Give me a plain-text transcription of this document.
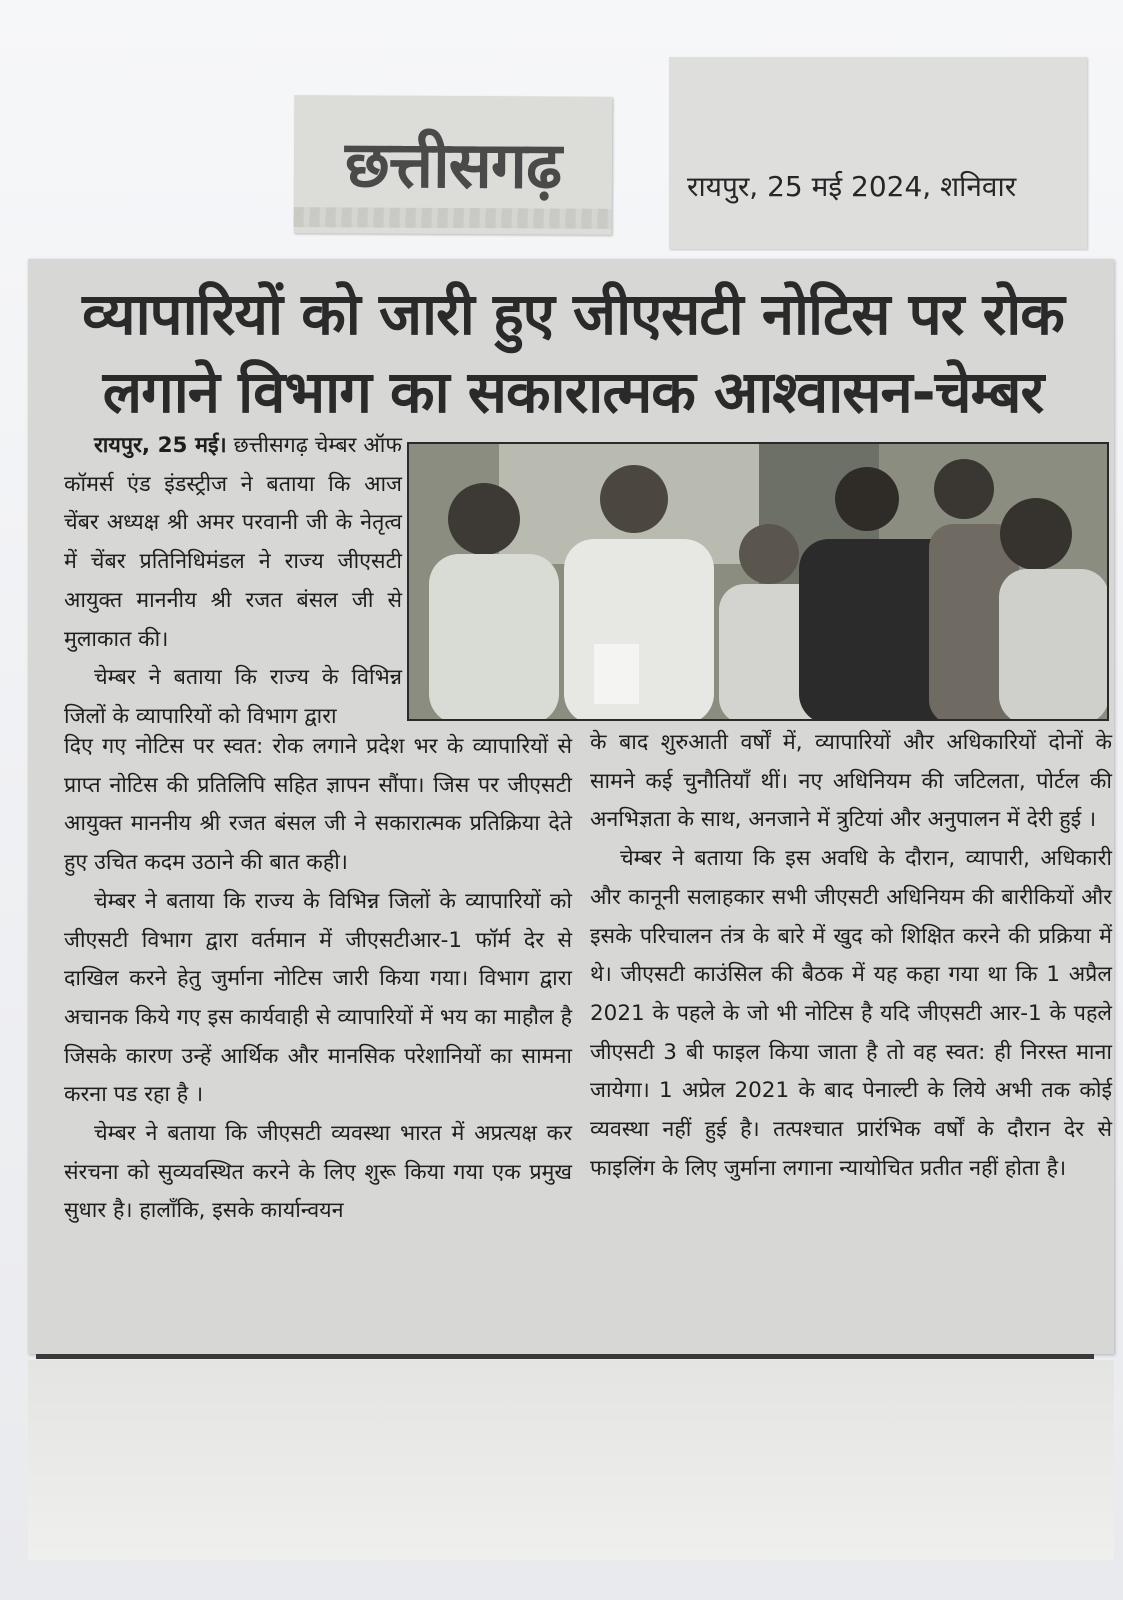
छत्तीसगढ़	रायपुर, 25 मई 2024, शनिवार
व्यापारियों को जारी हुए जीएसटी नोटिस पर रोक
लगाने विभाग का सकारात्मक आश्वासन-चेम्बर

रायपुर, 25 मई। छत्तीसगढ़ चेम्बर ऑफ कॉमर्स एंड इंडस्ट्रीज ने बताया कि आज चेंबर अध्यक्ष श्री अमर परवानी जी के नेतृत्व में चेंबर प्रतिनिधिमंडल ने राज्य जीएसटी आयुक्त माननीय श्री रजत बंसल जी से मुलाकात की।

चेम्बर ने बताया कि राज्य के विभिन्न जिलों के व्यापारियों को विभाग द्वारा

दिए गए नोटिस पर स्वत: रोक लगाने प्रदेश भर के व्यापारियों से प्राप्त नोटिस की प्रतिलिपि सहित ज्ञापन सौंपा। जिस पर जीएसटी आयुक्त माननीय श्री रजत बंसल जी ने सकारात्मक प्रतिक्रिया देते हुए उचित कदम उठाने की बात कही।

चेम्बर ने बताया कि राज्य के विभिन्न जिलों के व्यापारियों को जीएसटी विभाग द्वारा वर्तमान में जीएसटीआर-1 फॉर्म देर से दाखिल करने हेतु जुर्माना नोटिस जारी किया गया। विभाग द्वारा अचानक किये गए इस कार्यवाही से व्यापारियों में भय का माहौल है जिसके कारण उन्हें आर्थिक और मानसिक परेशानियों का सामना करना पड रहा है ।

चेम्बर ने बताया कि जीएसटी व्यवस्था भारत में अप्रत्यक्ष कर संरचना को सुव्यवस्थित करने के लिए शुरू किया गया एक प्रमुख सुधार है। हालाँकि, इसके कार्यान्वयन

के बाद शुरुआती वर्षों में, व्यापारियों और अधिकारियों दोनों के सामने कई चुनौतियाँ थीं। नए अधिनियम की जटिलता, पोर्टल की अनभिज्ञता के साथ, अनजाने में त्रुटियां और अनुपालन में देरी हुई ।

चेम्बर ने बताया कि इस अवधि के दौरान, व्यापारी, अधिकारी और कानूनी सलाहकार सभी जीएसटी अधिनियम की बारीकियों और इसके परिचालन तंत्र के बारे में खुद को शिक्षित करने की प्रक्रिया में थे। जीएसटी काउंसिल की बैठक में यह कहा गया था कि 1 अप्रैल 2021 के पहले के जो भी नोटिस है यदि जीएसटी आर-1 के पहले जीएसटी 3 बी फाइल किया जाता है तो वह स्वत: ही निरस्त माना जायेगा। 1 अप्रेल 2021 के बाद पेनाल्टी के लिये अभी तक कोई व्यवस्था नहीं हुई है। तत्पश्चात प्रारंभिक वर्षों के दौरान देर से फाइलिंग के लिए जुर्माना लगाना न्यायोचित प्रतीत नहीं होता है।
